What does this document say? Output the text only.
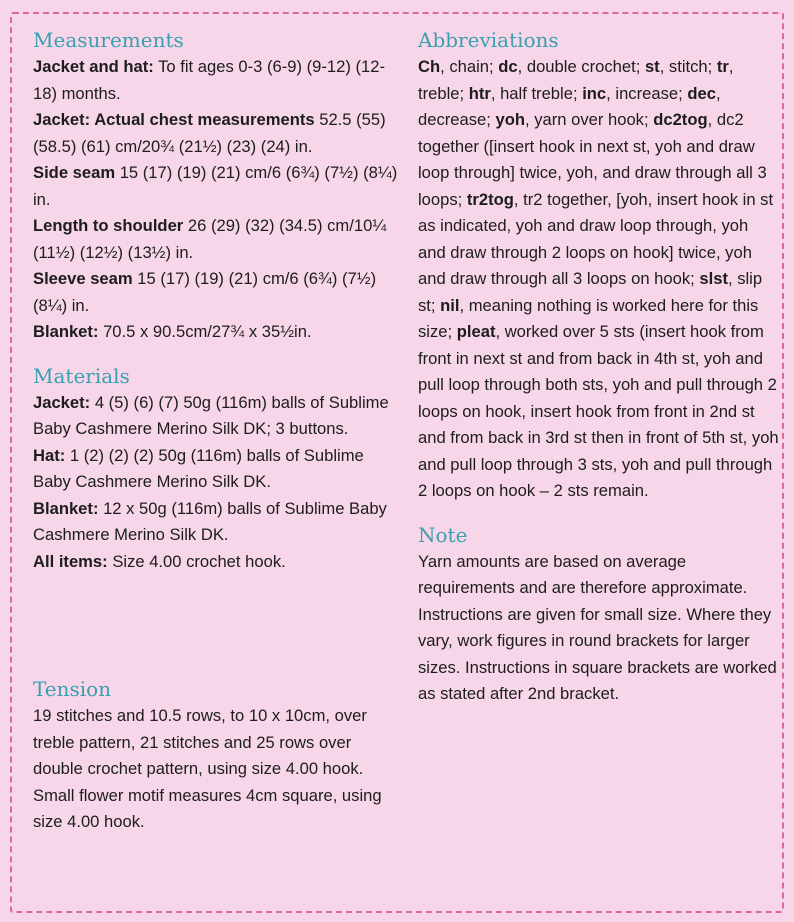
Measurements

Jacket and hat: To fit ages 0-3 (6-9) (9-12) (12-18) months.

Jacket: Actual chest measurements 52.5 (55) (58.5) (61) cm/20¾ (21½) (23) (24) in.

Side seam 15 (17) (19) (21) cm/6 (6¾) (7½) (8¼) in.

Length to shoulder 26 (29) (32) (34.5) cm/10¼ (11½) (12½) (13½) in.

Sleeve seam 15 (17) (19) (21) cm/6 (6¾) (7½) (8¼) in.

Blanket: 70.5 x 90.5cm/27¾ x 35½in.

Materials

Jacket: 4 (5) (6) (7) 50g (116m) balls of Sublime Baby Cashmere Merino Silk DK; 3 buttons.

Hat: 1 (2) (2) (2) 50g (116m) balls of Sublime Baby Cashmere Merino Silk DK.

Blanket: 12 x 50g (116m) balls of Sublime Baby Cashmere Merino Silk DK.

All items: Size 4.00 crochet hook.

Tension

19 stitches and 10.5 rows, to 10 x 10cm, over treble pattern, 21 stitches and 25 rows over double crochet pattern, using size 4.00 hook. Small flower motif measures 4cm square, using size 4.00 hook.

Abbreviations

Ch, chain; dc, double crochet; st, stitch; tr, treble; htr, half treble; inc, increase; dec, decrease; yoh, yarn over hook; dc2tog, dc2 together ([insert hook in next st, yoh and draw loop through] twice, yoh, and draw through all 3 loops; tr2tog, tr2 together, [yoh, insert hook in st as indicated, yoh and draw loop through, yoh and draw through 2 loops on hook] twice, yoh and draw through all 3 loops on hook; slst, slip st; nil, meaning nothing is worked here for this size; pleat, worked over 5 sts (insert hook from front in next st and from back in 4th st, yoh and pull loop through both sts, yoh and pull through 2 loops on hook, insert hook from front in 2nd st and from back in 3rd st then in front of 5th st, yoh and pull loop through 3 sts, yoh and pull through 2 loops on hook – 2 sts remain.

Note

Yarn amounts are based on average requirements and are therefore approximate. Instructions are given for small size. Where they vary, work figures in round brackets for larger sizes. Instructions in square brackets are worked as stated after 2nd bracket.
